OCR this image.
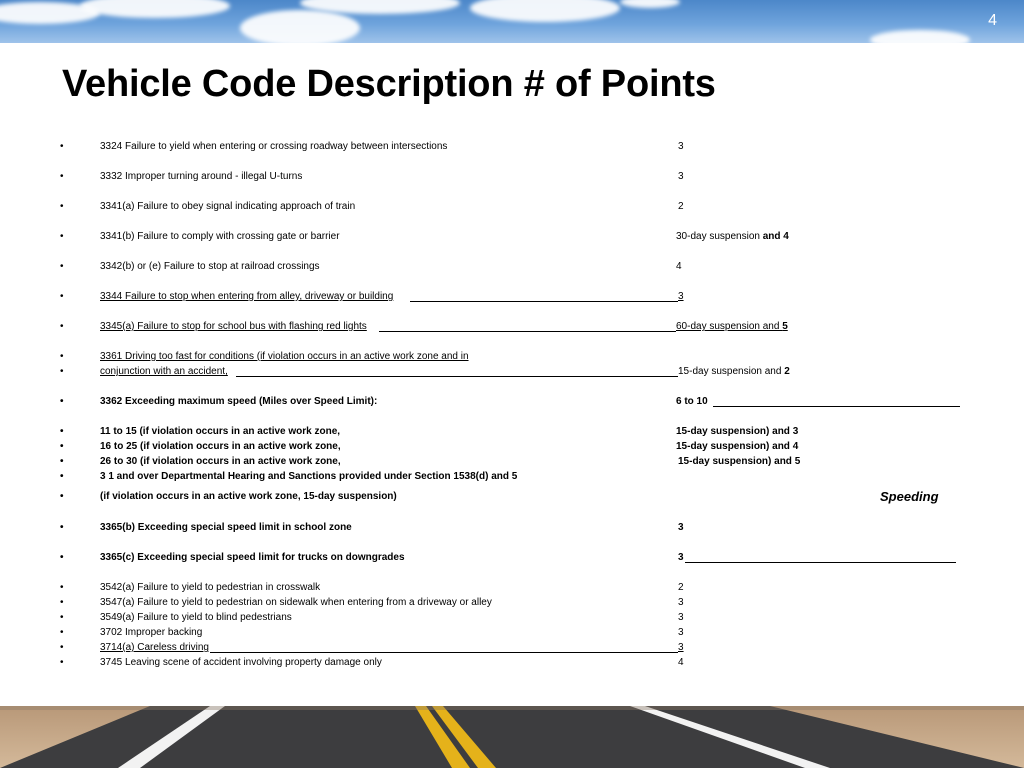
4
Vehicle Code Description # of Points
•	3324 Failure to yield when entering or crossing roadway between intersections	3
•	3332 Improper turning around - illegal U-turns	3
•	3341(a) Failure to obey signal indicating approach of train	2
•	3341(b) Failure to comply with crossing gate or barrier	30-day suspension and 4
•	3342(b) or (e) Failure to stop at railroad crossings	4
•	3344 Failure to stop when entering from alley, driveway or building	3
•	3345(a) Failure to stop for school bus with flashing red lights	60-day suspension and 5
•	3361 Driving too fast for conditions (if violation occurs in an active work zone and in
•	conjunction with an accident,	15-day suspension and 2
•	3362 Exceeding maximum speed (Miles over Speed Limit):	6 to 10
•	11 to 15 (if violation occurs in an active work zone,	15-day suspension) and 3
•	16 to 25 (if violation occurs in an active work zone,	15-day suspension) and 4
•	26 to 30 (if violation occurs in an active work zone,	15-day suspension) and 5
•	3 1 and over Departmental Hearing and Sanctions provided under Section 1538(d) and 5
•	(if violation occurs in an active work zone, 15-day suspension)
•	3365(b) Exceeding special speed limit in school zone	3
•	3365(c) Exceeding special speed limit for trucks on downgrades	3
•	3542(a) Failure to yield to pedestrian in crosswalk	2
•	3547(a) Failure to yield to pedestrian on sidewalk when entering from a driveway or alley	3
•	3549(a) Failure to yield to blind pedestrians	3
•	3702 Improper backing	3
•	3714(a) Careless driving	3
•	3745 Leaving scene of accident involving property damage only	4
Speeding
